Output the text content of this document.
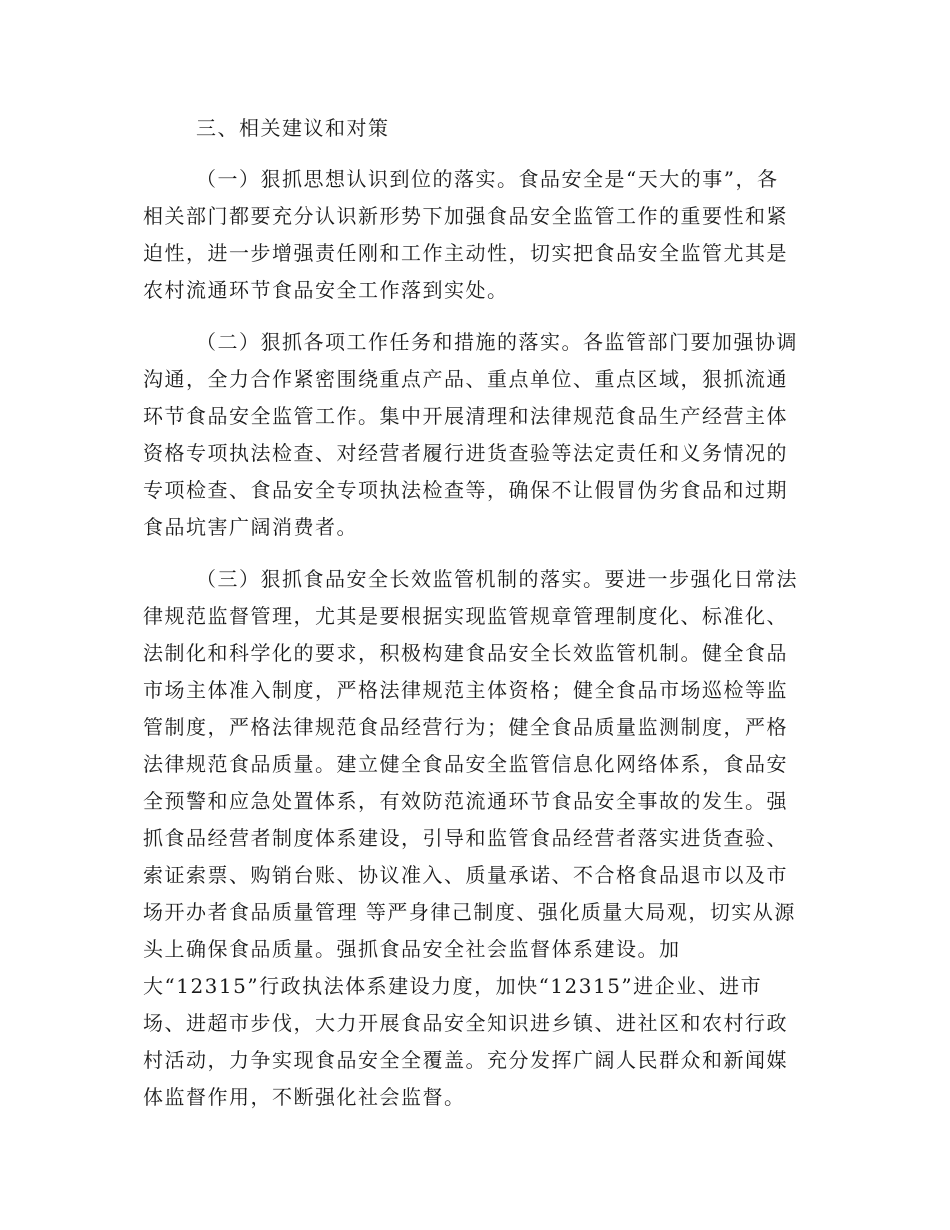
三、相关建议和对策
（一）狠抓思想认识到位的落实。食品安全是“天大的事”，各
相关部门都要充分认识新形势下加强食品安全监管工作的重要性和紧
迫性，进一步增强责任刚和工作主动性，切实把食品安全监管尤其是
农村流通环节食品安全工作落到实处。
（二）狠抓各项工作任务和措施的落实。各监管部门要加强协调
沟通，全力合作紧密围绕重点产品、重点单位、重点区域，狠抓流通
环节食品安全监管工作。集中开展清理和法律规范食品生产经营主体
资格专项执法检查、对经营者履行进货查验等法定责任和义务情况的
专项检查、食品安全专项执法检查等，确保不让假冒伪劣食品和过期
食品坑害广阔消费者。
（三）狠抓食品安全长效监管机制的落实。要进一步强化日常法
律规范监督管理，尤其是要根据实现监管规章管理制度化、标准化、
法制化和科学化的要求，积极构建食品安全长效监管机制。健全食品
市场主体准入制度，严格法律规范主体资格；健全食品市场巡检等监
管制度，严格法律规范食品经营行为；健全食品质量监测制度，严格
法律规范食品质量。建立健全食品安全监管信息化网络体系，食品安
全预警和应急处置体系，有效防范流通环节食品安全事故的发生。强
抓食品经营者制度体系建设，引导和监管食品经营者落实进货查验、
索证索票、购销台账、协议准入、质量承诺、不合格食品退市以及市
场开办者食品质量管理 等严身律己制度、强化质量大局观，切实从源
头上确保食品质量。强抓食品安全社会监督体系建设。加
大“12315”行政执法体系建设力度，加快“12315”进企业、进市
场、进超市步伐，大力开展食品安全知识进乡镇、进社区和农村行政
村活动，力争实现食品安全全覆盖。充分发挥广阔人民群众和新闻媒
体监督作用，不断强化社会监督。
